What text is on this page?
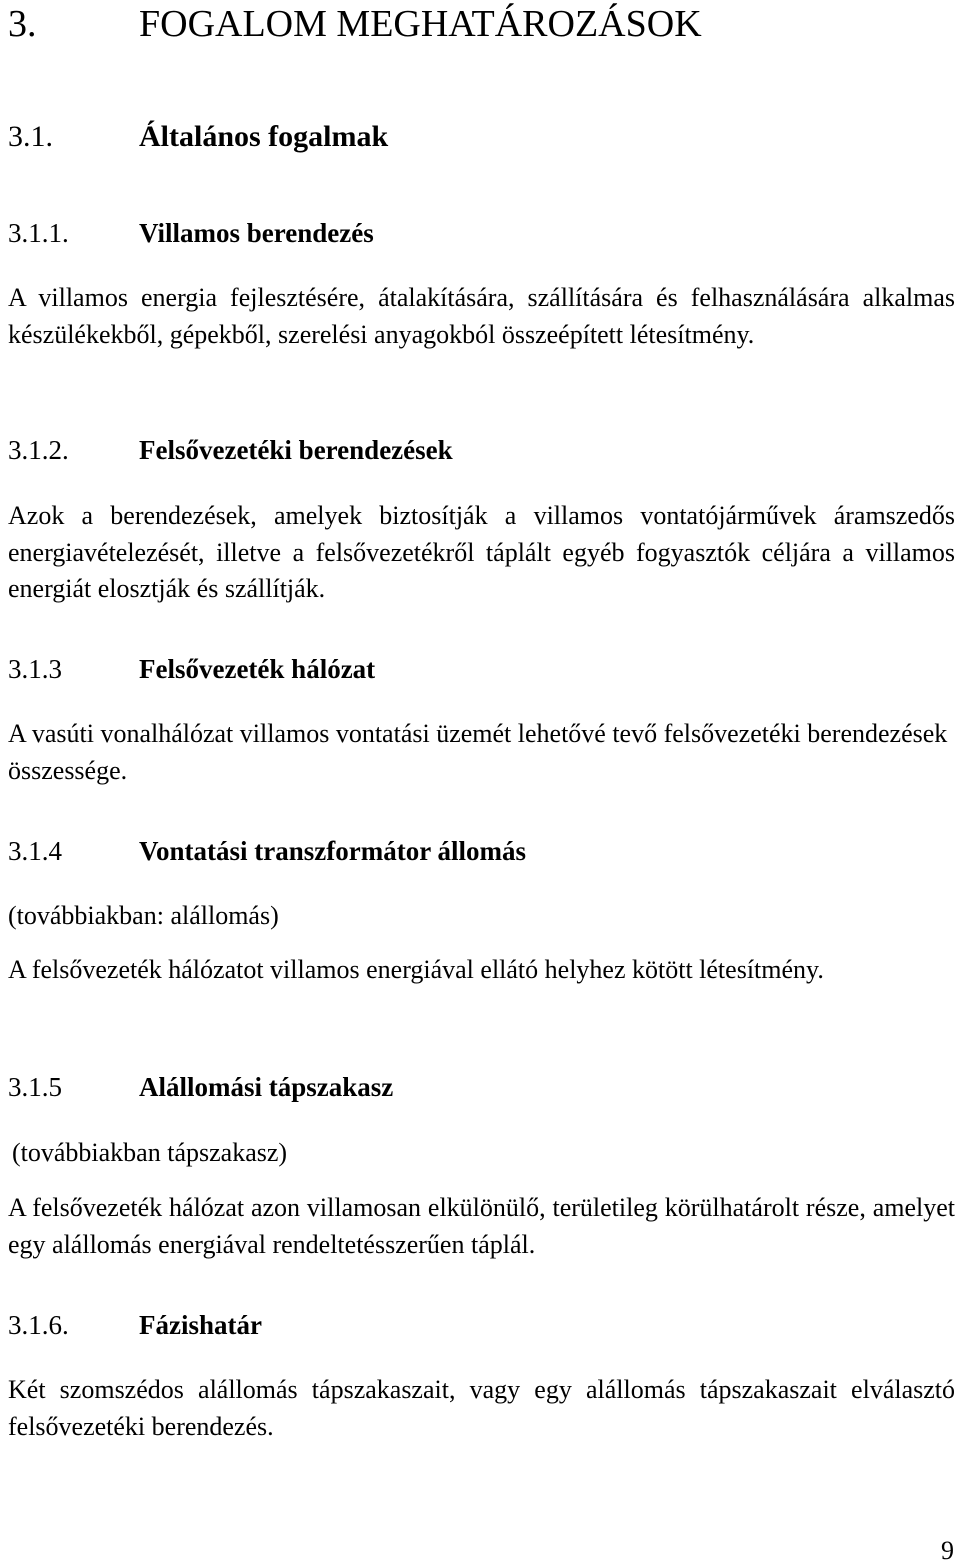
3.	FOGALOM MEGHATÁROZÁSOK
3.1.	Általános fogalmak
3.1.1.	Villamos berendezés

A villamos energia fejlesztésére, átalakítására, szállítására és felhasználására alkalmas készülékekből, gépekből, szerelési anyagokból összeépített létesítmény.

3.1.2.	Felsővezetéki berendezések

Azok a berendezések, amelyek biztosítják a villamos vontatójárművek áramszedős energiavételezését, illetve a felsővezetékről táplált egyéb fogyasztók céljára a villamos energiát elosztják és szállítják.

3.1.3	Felsővezeték hálózat

A vasúti vonalhálózat villamos vontatási üzemét lehetővé tevő felsővezetéki berendezések összessége.

3.1.4	Vontatási transzformátor állomás
(továbbiakban: alállomás)

A felsővezeték hálózatot villamos energiával ellátó helyhez kötött létesítmény.

3.1.5	Alállomási tápszakasz
(továbbiakban tápszakasz)

A felsővezeték hálózat azon villamosan elkülönülő, területileg körülhatárolt része, amelyet egy alállomás energiával rendeltetésszerűen táplál.

3.1.6.	Fázishatár

Két szomszédos alállomás tápszakaszait, vagy egy alállomás tápszakaszait elválasztó felsővezetéki berendezés.

9
